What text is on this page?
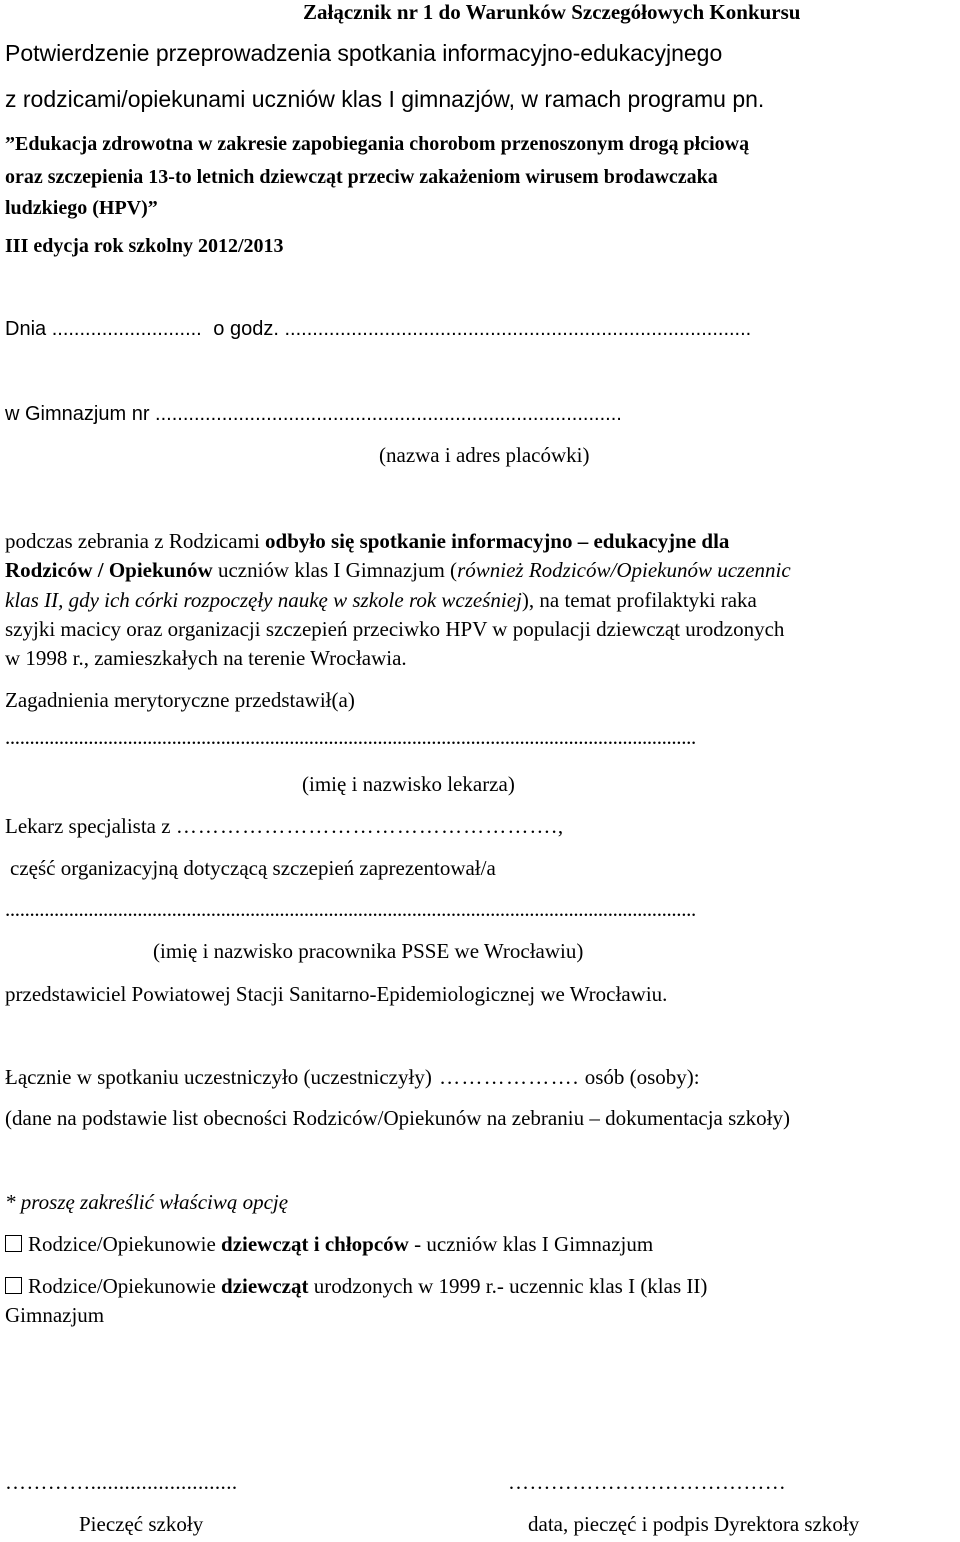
Załącznik nr 1 do Warunków Szczegółowych Konkursu
Potwierdzenie przeprowadzenia spotkania informacyjno-edukacyjnego
z rodzicami/opiekunami uczniów klas I gimnazjów, w ramach programu pn.
”Edukacja zdrowotna w zakresie zapobiegania chorobom przenoszonym drogą płciową
oraz szczepienia 13-to letnich dziewcząt przeciw zakażeniom wirusem brodawczaka
ludzkiego (HPV)”
III edycja rok szkolny 2012/2013
Dnia ........................... o godz. ....................................................................................
w Gimnazjum nr ....................................................................................
(nazwa i adres placówki)
podczas zebrania z Rodzicami odbyło się spotkanie informacyjno – edukacyjne dla
Rodziców / Opiekunów uczniów klas I Gimnazjum (również Rodziców/Opiekunów uczennic
klas II, gdy ich córki rozpoczęły naukę w szkole rok wcześniej), na temat profilaktyki raka
szyjki macicy oraz organizacji szczepień przeciwko HPV w populacji dziewcząt urodzonych
w 1998 r., zamieszkałych na terenie Wrocławia.
Zagadnienia merytoryczne przedstawił(a)
.............................................................................................................................................
(imię i nazwisko lekarza)
Lekarz specjalista z …………………………………………….,
część organizacyjną dotyczącą szczepień zaprezentował/a
.............................................................................................................................................
(imię i nazwisko pracownika PSSE we Wrocławiu)
przedstawiciel Powiatowej Stacji Sanitarno-Epidemiologicznej we Wrocławiu.
Łącznie w spotkaniu uczestniczyło (uczestniczyły) ………………. osób (osoby):
(dane na podstawie list obecności Rodziców/Opiekunów na zebraniu – dokumentacja szkoły)
* proszę zakreślić właściwą opcję
Rodzice/Opiekunowie dziewcząt i chłopców - uczniów klas I Gimnazjum
Rodzice/Opiekunowie dziewcząt urodzonych w 1999 r.- uczennic klas I (klas II)
Gimnazjum
…………..........................	…………………………………
Pieczęć szkoły	data, pieczęć i podpis Dyrektora szkoły
